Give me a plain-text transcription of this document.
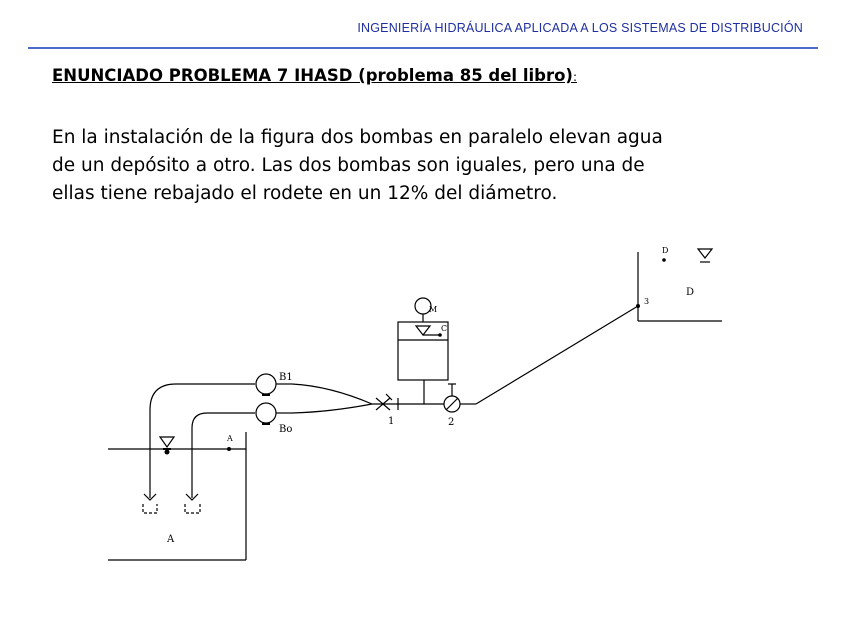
INGENIERÍA HIDRÁULICA APLICADA A LOS SISTEMAS DE DISTRIBUCIÓN
ENUNCIADO PROBLEMA 7 IHASD (problema 85 del libro):

En la instalación de la figura dos bombas en paralelo elevan agua

de un depósito a otro. Las dos bombas son iguales, pero una de

ellas tiene rebajado el rodete en un 12% del diámetro.

A
A
B1
Bo
1	2
3
C
M
D
D
